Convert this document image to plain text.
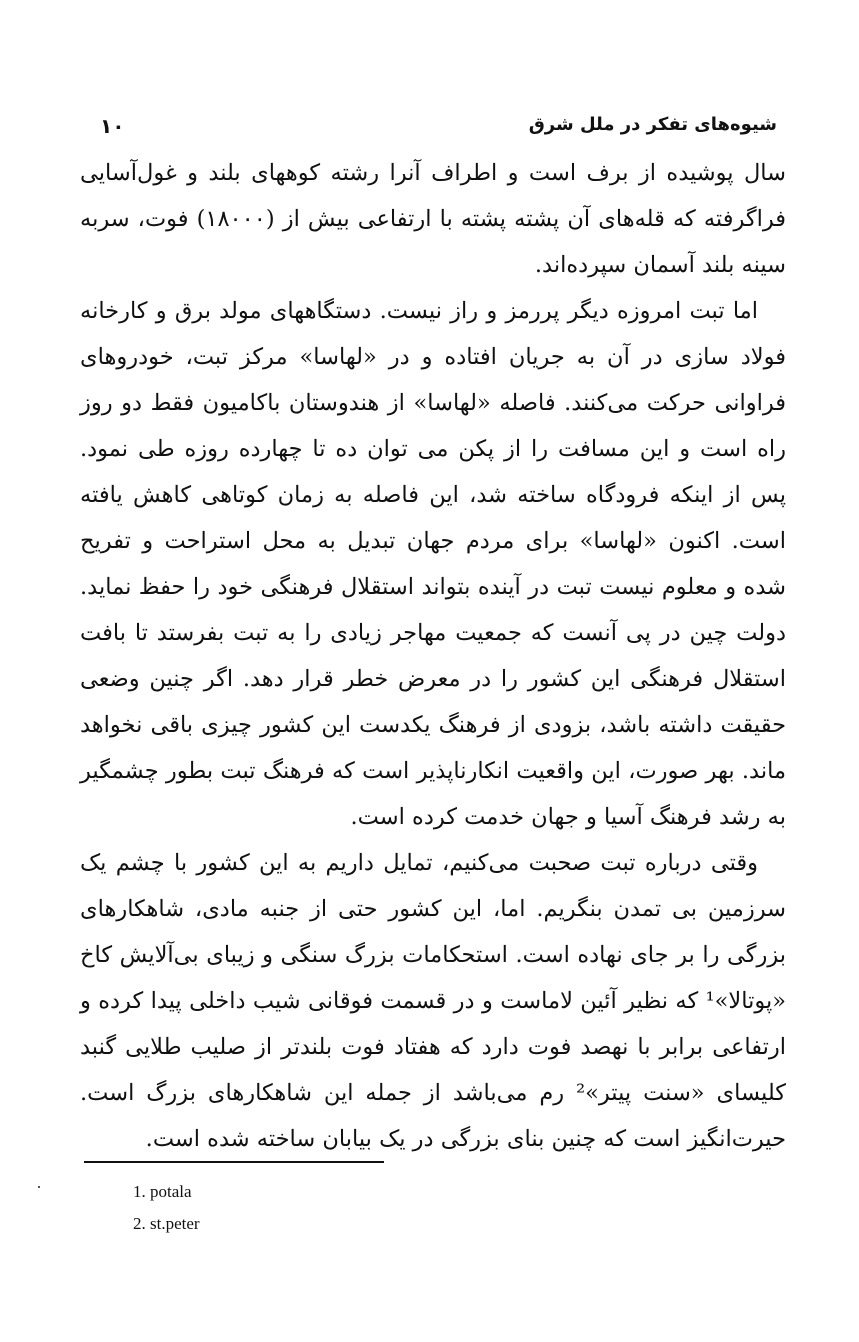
شیوه‌های تفکر در ملل شرق
۱۰

سال پوشیده از برف است و اطراف آنرا رشته کوههای بلند و غول‌آسایی فراگرفته که قله‌های آن پشته پشته با ارتفاعی بیش از (۱۸۰۰۰) فوت، سربه سینه بلند آسمان سپرده‌اند.

اما تبت امروزه دیگر پررمز و راز نیست. دستگاههای مولد برق و کارخانه فولاد سازی در آن به جریان افتاده و در «لهاسا» مرکز تبت، خودروهای فراوانی حرکت می‌کنند. فاصله «لهاسا» از هندوستان باکامیون فقط دو روز راه است و این مسافت را از پکن می توان ده تا چهارده روزه طی نمود. پس از اینکه فرودگاه ساخته شد، این فاصله به زمان کوتاهی کاهش یافته است. اکنون «لهاسا» برای مردم جهان تبدیل به محل استراحت و تفریح شده و معلوم نیست تبت در آینده بتواند استقلال فرهنگی خود را حفظ نماید. دولت چین در پی آنست که جمعیت مهاجر زیادی را به تبت بفرستد تا بافت استقلال فرهنگی این کشور را در معرض خطر قرار دهد. اگر چنین وضعی حقیقت داشته باشد، بزودی از فرهنگ یکدست این کشور چیزی باقی نخواهد ماند. بهر صورت، این واقعیت انکارناپذیر است که فرهنگ تبت بطور چشمگیر به رشد فرهنگ آسیا و جهان خدمت کرده است.

وقتی درباره تبت صحبت می‌کنیم، تمایل داریم به این کشور با چشم یک سرزمین بی تمدن بنگریم. اما، این کشور حتی از جنبه مادی، شاهکارهای بزرگی را بر جای نهاده است. استحکامات بزرگ سنگی و زیبای بی‌آلایش کاخ «پوتالا»¹ که نظیر آئین لاماست و در قسمت فوقانی شیب داخلی پیدا کرده و ارتفاعی برابر با نهصد فوت دارد که هفتاد فوت بلندتر از صلیب طلایی گنبد کلیسای «سنت پیتر»² رم می‌باشد از جمله این شاهکارهای بزرگ است. حیرت‌انگیز است که چنین بنای بزرگی در یک بیابان ساخته شده است.

1. potala
2. st.peter
